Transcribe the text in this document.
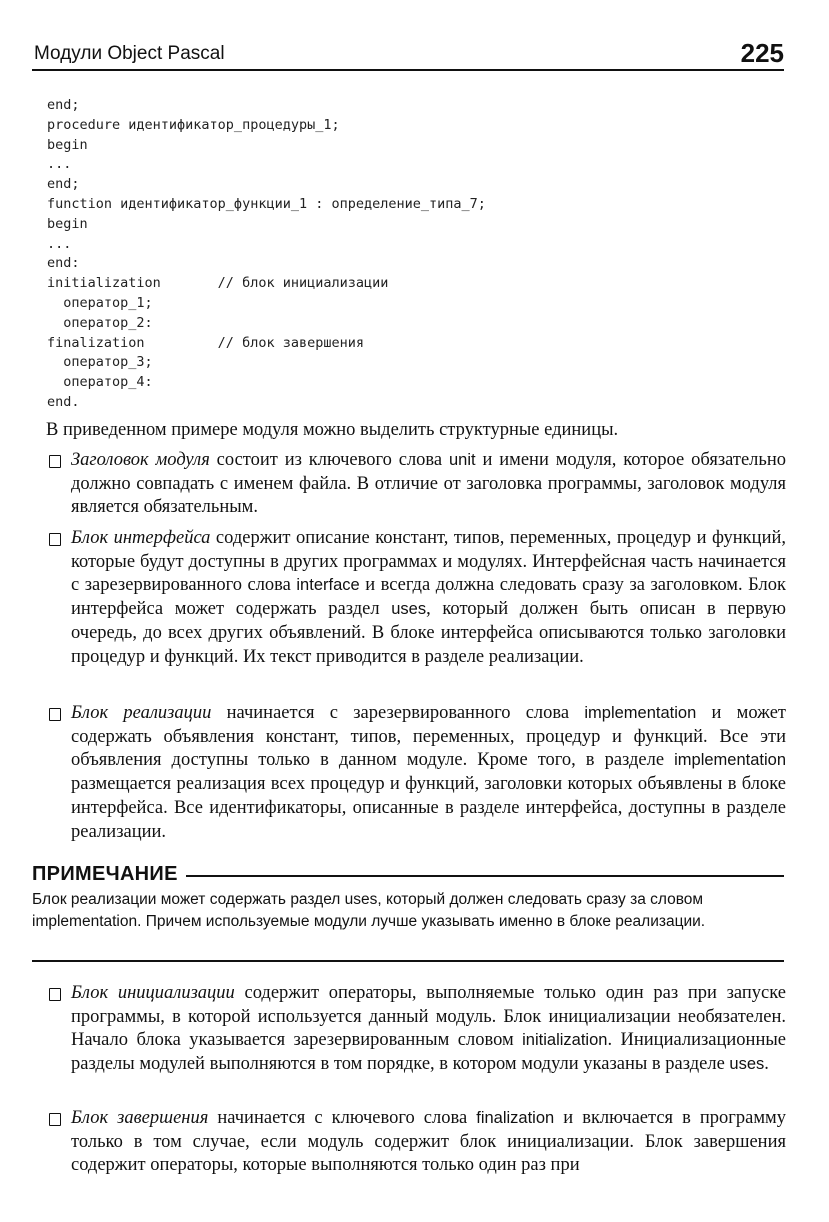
Модули Object Pascal	225
end;
procedure идентификатор_процедуры_1;
begin
...
end;
function идентификатор_функции_1 : определение_типа_7;
begin
...
end:
initialization       // блок инициализации
оператор_1;
оператор_2:
finalization         // блок завершения
оператор_3;
оператор_4:
end.
В приведенном примере модуля можно выделить структурные единицы.
Заголовок модуля состоит из ключевого слова unit и имени модуля, которое обязательно должно совпадать с именем файла. В отличие от заголовка программы, заголовок модуля является обязательным.
Блок интерфейса содержит описание констант, типов, переменных, процедур и функций, которые будут доступны в других программах и модулях. Интерфейсная часть начинается с зарезервированного слова interface и всегда должна следовать сразу за заголовком. Блок интерфейса может содержать раздел uses, который должен быть описан в первую очередь, до всех других объявлений. В блоке интерфейса описываются только заголовки процедур и функций. Их текст приводится в разделе реализации.
Блок реализации начинается с зарезервированного слова implementation и может содержать объявления констант, типов, переменных, процедур и функций. Все эти объявления доступны только в данном модуле. Кроме того, в разделе implementation размещается реализация всех процедур и функций, заголовки которых объявлены в блоке интерфейса. Все идентификаторы, описанные в разделе интерфейса, доступны в разделе реализации.
ПРИМЕЧАНИЕ
Блок реализации может содержать раздел uses, который должен следовать сразу за словом implementation. Причем используемые модули лучше указывать именно в блоке реализации.
Блок инициализации содержит операторы, выполняемые только один раз при запуске программы, в которой используется данный модуль. Блок инициализации необязателен. Начало блока указывается зарезервированным словом initialization. Инициализационные разделы модулей выполняются в том порядке, в котором модули указаны в разделе uses.
Блок завершения начинается с ключевого слова finalization и включается в программу только в том случае, если модуль содержит блок инициализации. Блок завершения содержит операторы, которые выполняются только один раз при
